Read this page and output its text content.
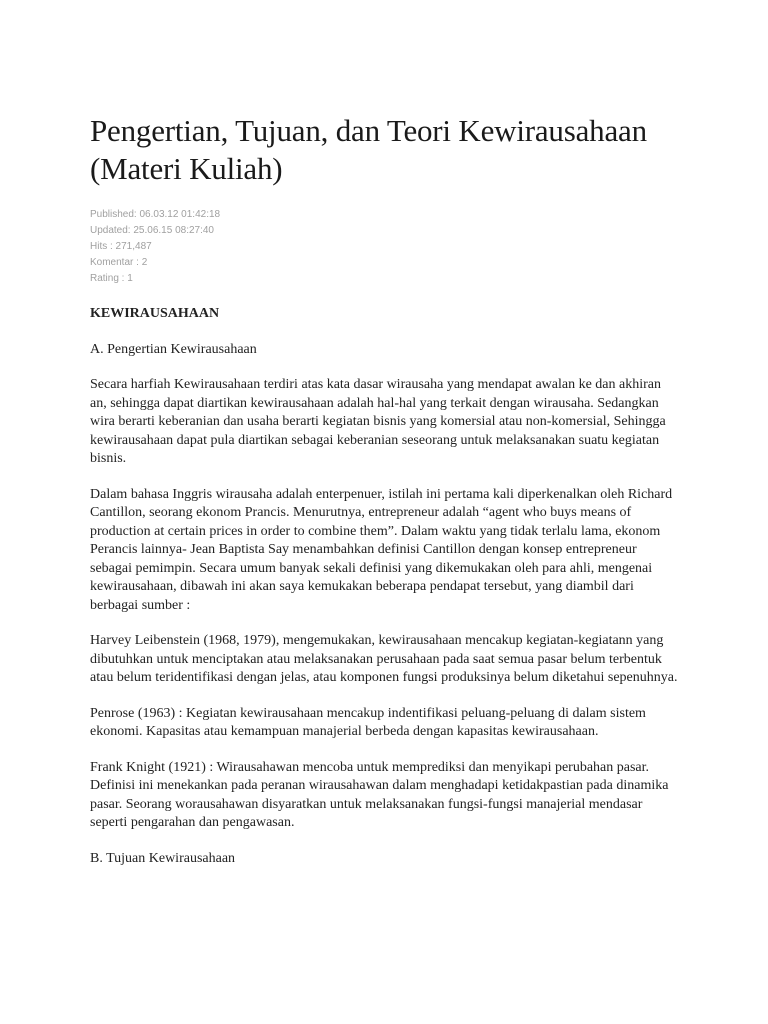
Pengertian, Tujuan, dan Teori Kewirausahaan (Materi Kuliah)
Published: 06.03.12 01:42:18
Updated: 25.06.15 08:27:40
Hits : 271,487
Komentar : 2
Rating : 1
KEWIRAUSAHAAN
A. Pengertian Kewirausahaan
Secara harfiah Kewirausahaan terdiri atas kata dasar wirausaha yang mendapat awalan ke dan akhiran an, sehingga dapat diartikan kewirausahaan adalah hal-hal yang terkait dengan wirausaha. Sedangkan wira berarti keberanian dan usaha berarti kegiatan bisnis yang komersial atau non-komersial, Sehingga kewirausahaan dapat pula diartikan sebagai keberanian seseorang untuk melaksanakan suatu kegiatan bisnis.
Dalam bahasa Inggris wirausaha adalah enterpenuer, istilah ini pertama kali diperkenalkan oleh Richard Cantillon, seorang ekonom Prancis. Menurutnya, entrepreneur adalah “agent who buys means of production at certain prices in order to combine them”. Dalam waktu yang tidak terlalu lama, ekonom Perancis lainnya- Jean Baptista Say menambahkan definisi Cantillon dengan konsep entrepreneur sebagai pemimpin. Secara umum banyak sekali definisi yang dikemukakan oleh para ahli, mengenai kewirausahaan, dibawah ini akan saya kemukakan beberapa pendapat tersebut, yang diambil dari berbagai sumber :
Harvey Leibenstein (1968, 1979), mengemukakan, kewirausahaan mencakup kegiatan-kegiatann yang dibutuhkan untuk menciptakan atau melaksanakan perusahaan pada saat semua pasar belum terbentuk atau belum teridentifikasi dengan jelas, atau komponen fungsi produksinya belum diketahui sepenuhnya.
Penrose (1963) : Kegiatan kewirausahaan mencakup indentifikasi peluang-peluang di dalam sistem ekonomi. Kapasitas atau kemampuan manajerial berbeda dengan kapasitas kewirausahaan.
Frank Knight (1921) : Wirausahawan mencoba untuk memprediksi dan menyikapi perubahan pasar. Definisi ini menekankan pada peranan wirausahawan dalam menghadapi ketidakpastian pada dinamika pasar. Seorang worausahawan disyaratkan untuk melaksanakan fungsi-fungsi manajerial mendasar seperti pengarahan dan pengawasan.
B. Tujuan Kewirausahaan
